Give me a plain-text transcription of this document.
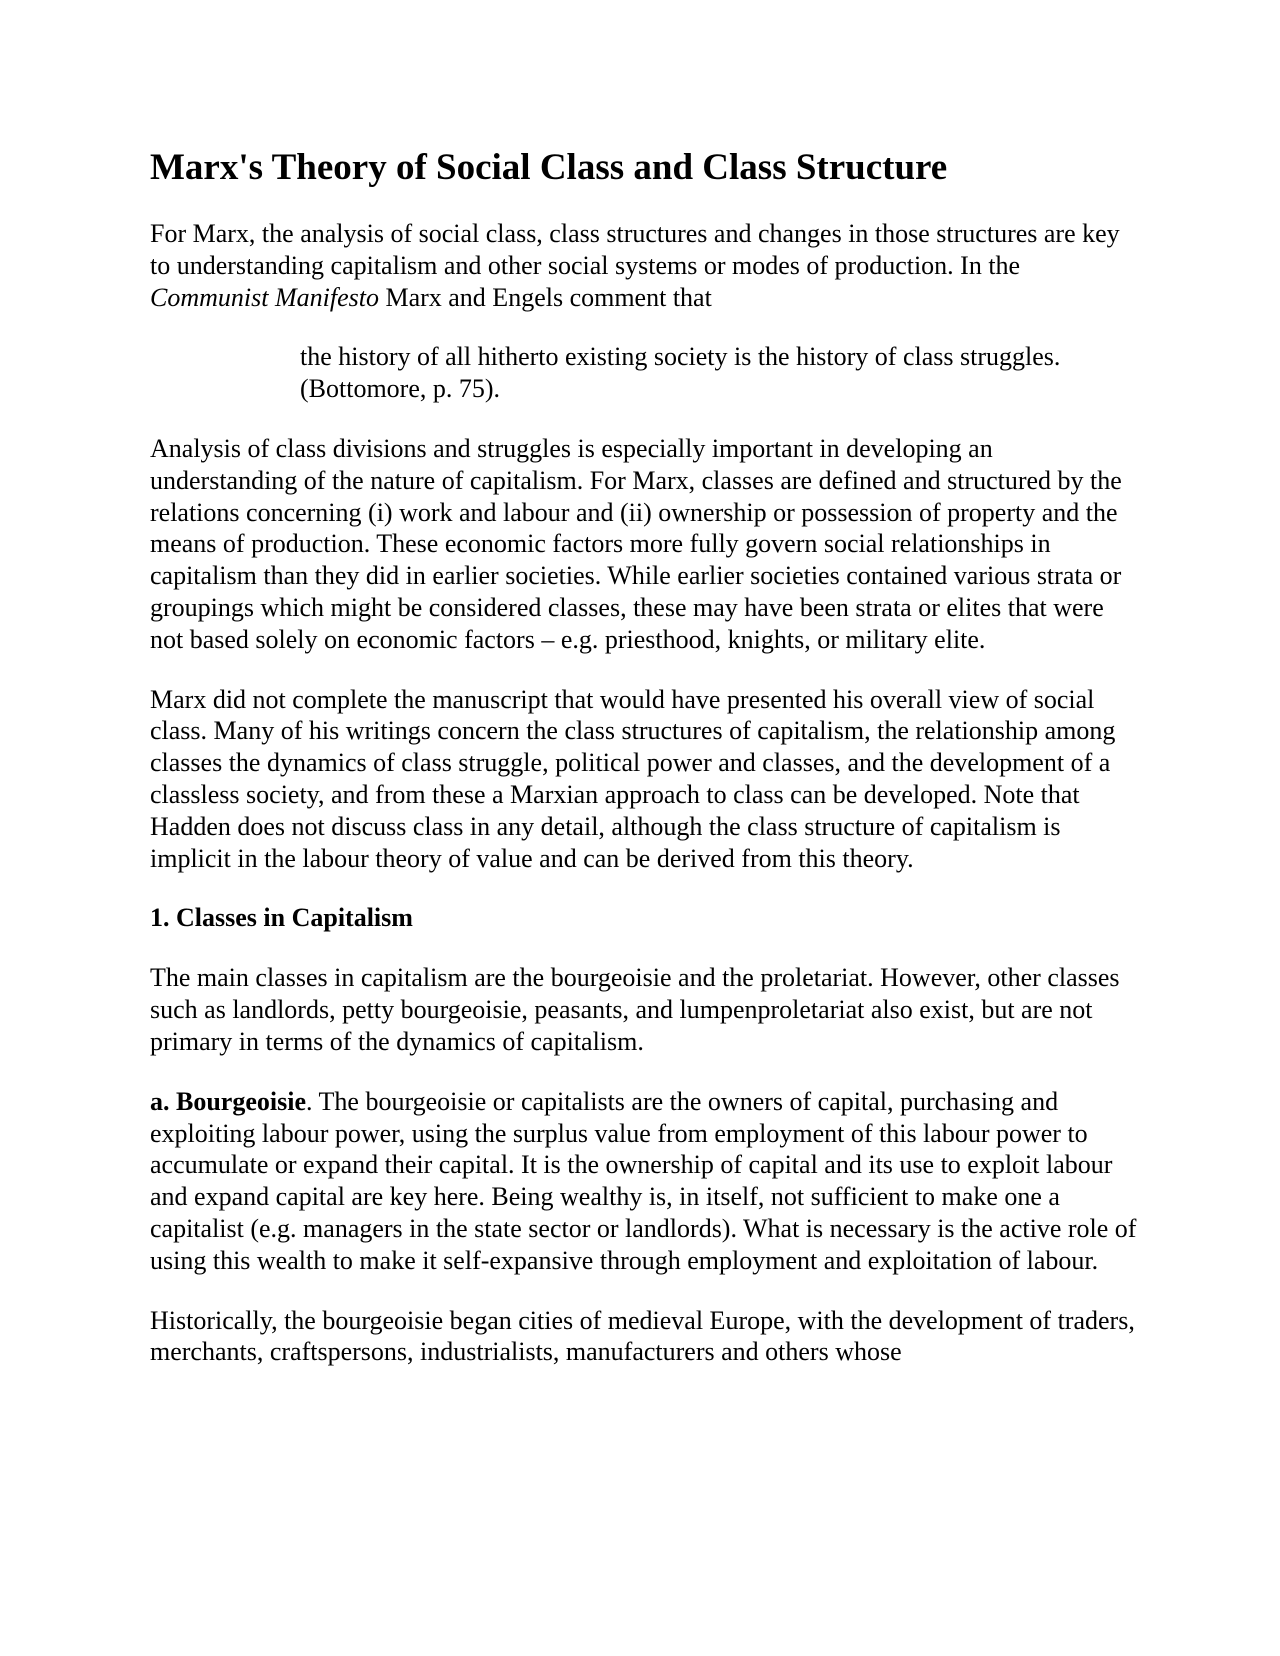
Marx's Theory of Social Class and Class Structure

For Marx, the analysis of social class, class structures and changes in those structures are key to understanding capitalism and other social systems or modes of production. In the Communist Manifesto Marx and Engels comment that

the history of all hitherto existing society is the history of class struggles. (Bottomore, p. 75).

Analysis of class divisions and struggles is especially important in developing an understanding of the nature of capitalism. For Marx, classes are defined and structured by the relations concerning (i) work and labour and (ii) ownership or possession of property and the means of production. These economic factors more fully govern social relationships in capitalism than they did in earlier societies. While earlier societies contained various strata or groupings which might be considered classes, these may have been strata or elites that were not based solely on economic factors – e.g. priesthood, knights, or military elite.

Marx did not complete the manuscript that would have presented his overall view of social class. Many of his writings concern the class structures of capitalism, the relationship among classes the dynamics of class struggle, political power and classes, and the development of a classless society, and from these a Marxian approach to class can be developed. Note that Hadden does not discuss class in any detail, although the class structure of capitalism is implicit in the labour theory of value and can be derived from this theory.

1. Classes in Capitalism

The main classes in capitalism are the bourgeoisie and the proletariat. However, other classes such as landlords, petty bourgeoisie, peasants, and lumpenproletariat also exist, but are not primary in terms of the dynamics of capitalism.

a. Bourgeoisie. The bourgeoisie or capitalists are the owners of capital, purchasing and exploiting labour power, using the surplus value from employment of this labour power to accumulate or expand their capital. It is the ownership of capital and its use to exploit labour and expand capital are key here. Being wealthy is, in itself, not sufficient to make one a capitalist (e.g. managers in the state sector or landlords). What is necessary is the active role of using this wealth to make it self-expansive through employment and exploitation of labour.

Historically, the bourgeoisie began cities of medieval Europe, with the development of traders, merchants, craftspersons, industrialists, manufacturers and others whose
